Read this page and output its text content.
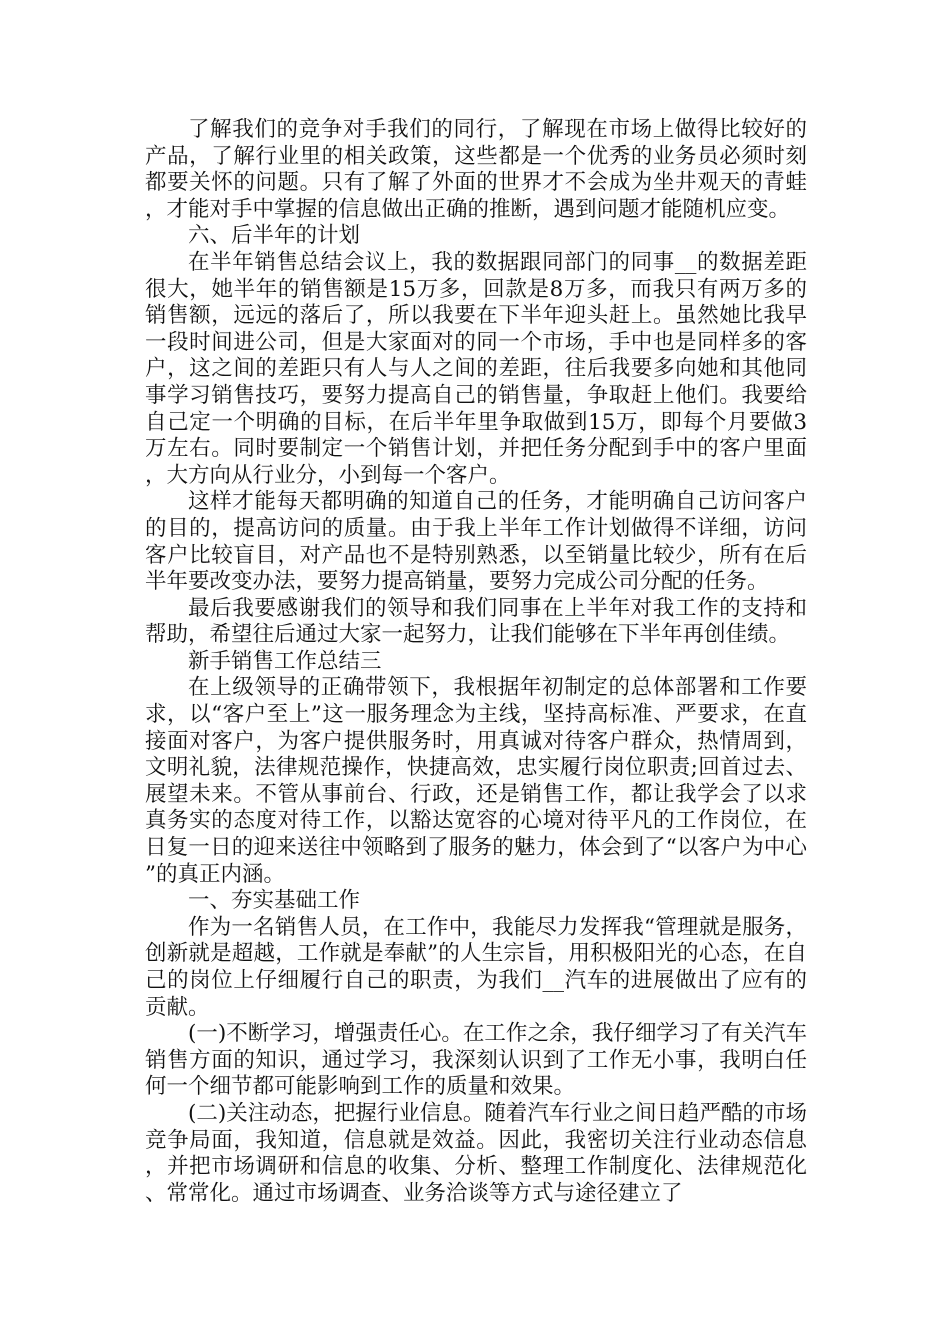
了解我们的竞争对手我们的同行，了解现在市场上做得比较好的产品，了解行业里的相关政策，这些都是一个优秀的业务员必须时刻都要关怀的问题。只有了解了外面的世界才不会成为坐井观天的青蛙，才能对手中掌握的信息做出正确的推断，遇到问题才能随机应变。

六、后半年的计划

在半年销售总结会议上，我的数据跟同部门的同事__的数据差距很大，她半年的销售额是15万多，回款是8万多，而我只有两万多的销售额，远远的落后了，所以我要在下半年迎头赶上。虽然她比我早一段时间进公司，但是大家面对的同一个市场，手中也是同样多的客户，这之间的差距只有人与人之间的差距，往后我要多向她和其他同事学习销售技巧，要努力提高自己的销售量，争取赶上他们。我要给自己定一个明确的目标，在后半年里争取做到15万，即每个月要做3万左右。同时要制定一个销售计划，并把任务分配到手中的客户里面，大方向从行业分，小到每一个客户。

这样才能每天都明确的知道自己的任务，才能明确自己访问客户的目的，提高访问的质量。由于我上半年工作计划做得不详细，访问客户比较盲目，对产品也不是特别熟悉，以至销量比较少，所有在后半年要改变办法，要努力提高销量，要努力完成公司分配的任务。

最后我要感谢我们的领导和我们同事在上半年对我工作的支持和帮助，希望往后通过大家一起努力，让我们能够在下半年再创佳绩。

新手销售工作总结三

在上级领导的正确带领下，我根据年初制定的总体部署和工作要求，以“客户至上”这一服务理念为主线，坚持高标准、严要求，在直接面对客户，为客户提供服务时，用真诚对待客户群众，热情周到，文明礼貌，法律规范操作，快捷高效，忠实履行岗位职责;回首过去、展望未来。不管从事前台、行政，还是销售工作，都让我学会了以求真务实的态度对待工作，以豁达宽容的心境对待平凡的工作岗位，在日复一日的迎来送往中领略到了服务的魅力，体会到了“以客户为中心”的真正内涵。

一、夯实基础工作

作为一名销售人员，在工作中，我能尽力发挥我“管理就是服务，创新就是超越，工作就是奉献”的人生宗旨，用积极阳光的心态，在自己的岗位上仔细履行自己的职责，为我们__汽车的进展做出了应有的贡献。

(一)不断学习，增强责任心。在工作之余，我仔细学习了有关汽车销售方面的知识，通过学习，我深刻认识到了工作无小事，我明白任何一个细节都可能影响到工作的质量和效果。

(二)关注动态，把握行业信息。随着汽车行业之间日趋严酷的市场竞争局面，我知道，信息就是效益。因此，我密切关注行业动态信息，并把市场调研和信息的收集、分析、整理工作制度化、法律规范化、常常化。通过市场调查、业务洽谈等方式与途径建立了
